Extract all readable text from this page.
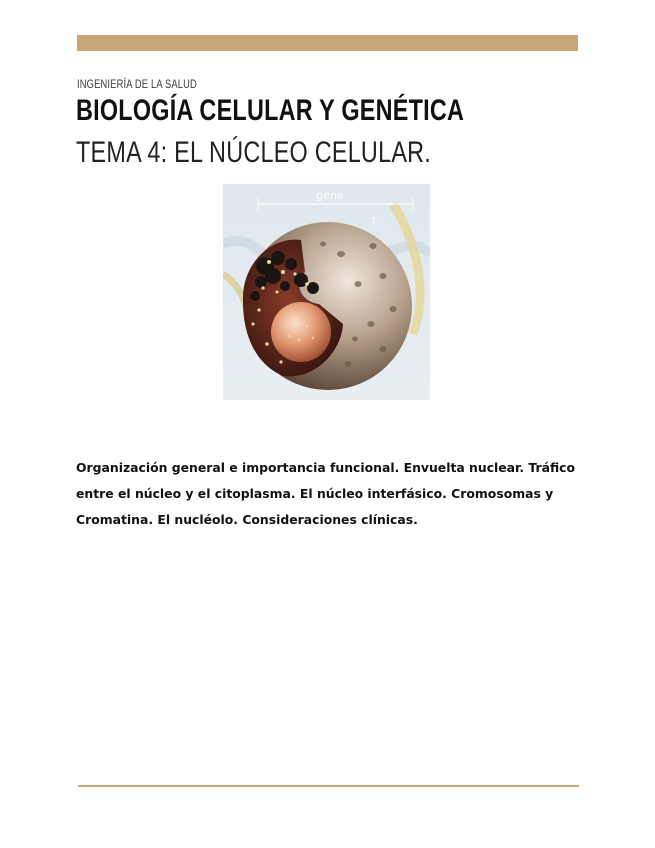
INGENIERÍA DE LA SALUD
BIOLOGÍA CELULAR Y GENÉTICA
TEMA 4: EL NÚCLEO CELULAR.
gene
T
Organización general e importancia funcional. Envuelta nuclear. Tráfico entre el núcleo y el citoplasma. El núcleo interfásico. Cromosomas y Cromatina. El nucléolo. Consideraciones clínicas.
